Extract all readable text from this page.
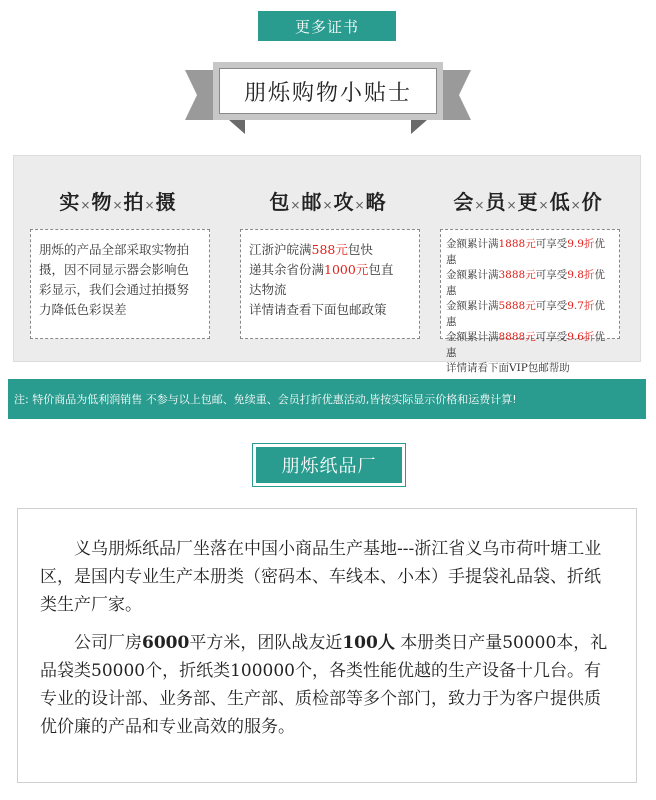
更多证书
朋烁购物小贴士
实×物×拍×摄
朋烁的产品全部采取实物拍摄，因不同显示器会影响色彩显示，我们会通过拍摄努力降低色彩误差
包×邮×攻×略
江浙沪皖满588元包快
递其余省份满1000元包直
达物流
详情请查看下面包邮政策
会×员×更×低×价
金额累计满1888元可享受9.9折优惠
金额累计满3888元可享受9.8折优惠
金额累计满5888元可享受9.7折优惠
金额累计满8888元可享受9.6折优惠
详情请看下面VIP包邮帮助
注: 特价商品为低利润销售 不参与以上包邮、免续重、会员打折优惠活动,皆按实际显示价格和运费计算!
朋烁纸品厂

义乌朋烁纸品厂坐落在中国小商品生产基地---浙江省义乌市荷叶塘工业区，是国内专业生产本册类（密码本、车线本、小本）手提袋礼品袋、折纸类生产厂家。

公司厂房6000平方米，团队战友近100人 本册类日产量50000本，礼品袋类50000个，折纸类100000个，各类性能优越的生产设备十几台。有专业的设计部、业务部、生产部、质检部等多个部门，致力于为客户提供质优价廉的产品和专业高效的服务。
